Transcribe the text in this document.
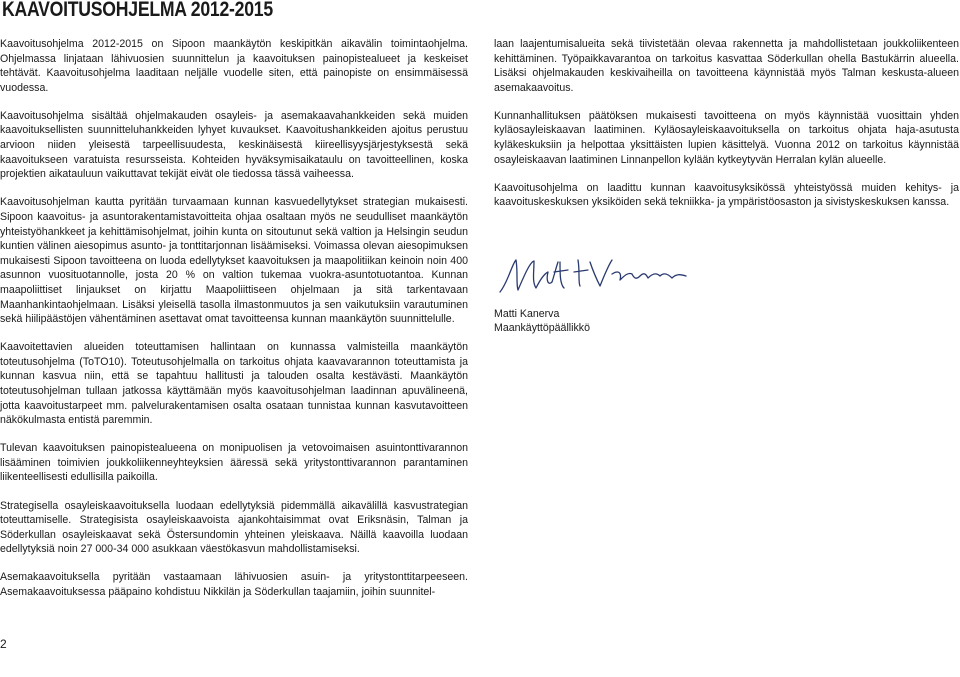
KAAVOITUSOHJELMA 2012-2015

Kaavoitusohjelma 2012-2015 on Sipoon maankäytön keskipitkän aikavälin toimintaohjelma. Ohjelmassa linjataan lähivuosien suunnittelun ja kaavoituksen painopistealueet ja keskeiset tehtävät. Kaavoitusohjelma laaditaan neljälle vuodelle siten, että painopiste on ensimmäisessä vuodessa.

Kaavoitusohjelma sisältää ohjelmakauden osayleis- ja asemakaavahankkeiden sekä muiden kaavoituksellisten suunnitteluhankkeiden lyhyet kuvaukset. Kaavoitushankkeiden ajoitus perustuu arvioon niiden yleisestä tarpeellisuudesta, keskinäisestä kiireellisyysjärjestyksestä sekä kaavoitukseen varatuista resursseista. Kohteiden hyväksymisaikataulu on tavoitteellinen, koska projektien aikatauluun vaikuttavat tekijät eivät ole tiedossa tässä vaiheessa.

Kaavoitusohjelman kautta pyritään turvaamaan kunnan kasvuedellytykset strategian mukaisesti. Sipoon kaavoitus- ja asuntorakentamistavoitteita ohjaa osaltaan myös ne seudulliset maankäytön yhteistyöhankkeet ja kehittämisohjelmat, joihin kunta on sitoutunut sekä valtion ja Helsingin seudun kuntien välinen aiesopimus asunto- ja tonttitarjonnan lisäämiseksi. Voimassa olevan aiesopimuksen mukaisesti Sipoon tavoitteena on luoda edellytykset kaavoituksen ja maapolitiikan keinoin noin 400 asunnon vuosituotannolle, josta 20 % on valtion tukemaa vuokra-asuntotuotantoa. Kunnan maapoliittiset linjaukset on kirjattu Maapoliittiseen ohjelmaan ja sitä tarkentavaan Maanhankintaohjelmaan. Lisäksi yleisellä tasolla ilmastonmuutos ja sen vaikutuksiin varautuminen sekä hiilipäästöjen vähentäminen asettavat omat tavoitteensa kunnan maankäytön suunnittelulle.

Kaavoitettavien alueiden toteuttamisen hallintaan on kunnassa valmisteilla maankäytön toteutusohjelma (ToTO10). Toteutusohjelmalla on tarkoitus ohjata kaavavarannon toteuttamista ja kunnan kasvua niin, että se tapahtuu hallitusti ja talouden osalta kestävästi. Maankäytön toteutusohjelman tullaan jatkossa käyttämään myös kaavoitusohjelman laadinnan apuvälineenä, jotta kaavoitustarpeet mm. palvelurakentamisen osalta osataan tunnistaa kunnan kasvutavoitteen näkökulmasta entistä paremmin.

Tulevan kaavoituksen painopistealueena on monipuolisen ja vetovoimaisen asuintonttivarannon lisääminen toimivien joukkoliikenneyhteyksien ääressä sekä yritystonttivarannon parantaminen liikenteellisesti edullisilla paikoilla.

Strategisella osayleiskaavoituksella luodaan edellytyksiä pidemmällä aikavälillä kasvustrategian toteuttamiselle. Strategisista osayleiskaavoista ajankohtaisimmat ovat Eriksnäsin, Talman ja Söderkullan osayleiskaavat sekä Östersundomin yhteinen yleiskaava. Näillä kaavoilla luodaan edellytyksiä noin 27 000-34 000 asukkaan väestökasvun mahdollistamiseksi.

Asemakaavoituksella pyritään vastaamaan lähivuosien asuin- ja yritystonttitarpeeseen. Asemakaavoituksessa pääpaino kohdistuu Nikkilän ja Söderkullan taajamiin, joihin suunnitel-

laan laajentumisalueita sekä tiivistetään olevaa rakennetta ja mahdollistetaan joukkoliikenteen kehittäminen. Työpaikkavarantoa on tarkoitus kasvattaa Söderkullan ohella Bastukärrin alueella. Lisäksi ohjelmakauden keskivaiheilla on tavoitteena käynnistää myös Talman keskusta-alueen asemakaavoitus.

Kunnanhallituksen päätöksen mukaisesti tavoitteena on myös käynnistää vuosittain yhden kyläosayleiskaavan laatiminen. Kyläosayleiskaavoituksella on tarkoitus ohjata haja-asutusta kyläkeskuksiin ja helpottaa yksittäisten lupien käsittelyä. Vuonna 2012 on tarkoitus käynnistää osayleiskaavan laatiminen Linnanpellon kylään kytkeytyvän Herralan kylän alueelle.

Kaavoitusohjelma on laadittu kunnan kaavoitusyksikössä yhteistyössä muiden kehitys- ja kaavoituskeskuksen yksiköiden sekä tekniikka- ja ympäristöosaston ja sivistyskeskuksen kanssa.

Matti Kanerva
Maankäyttöpäällikkö
2
